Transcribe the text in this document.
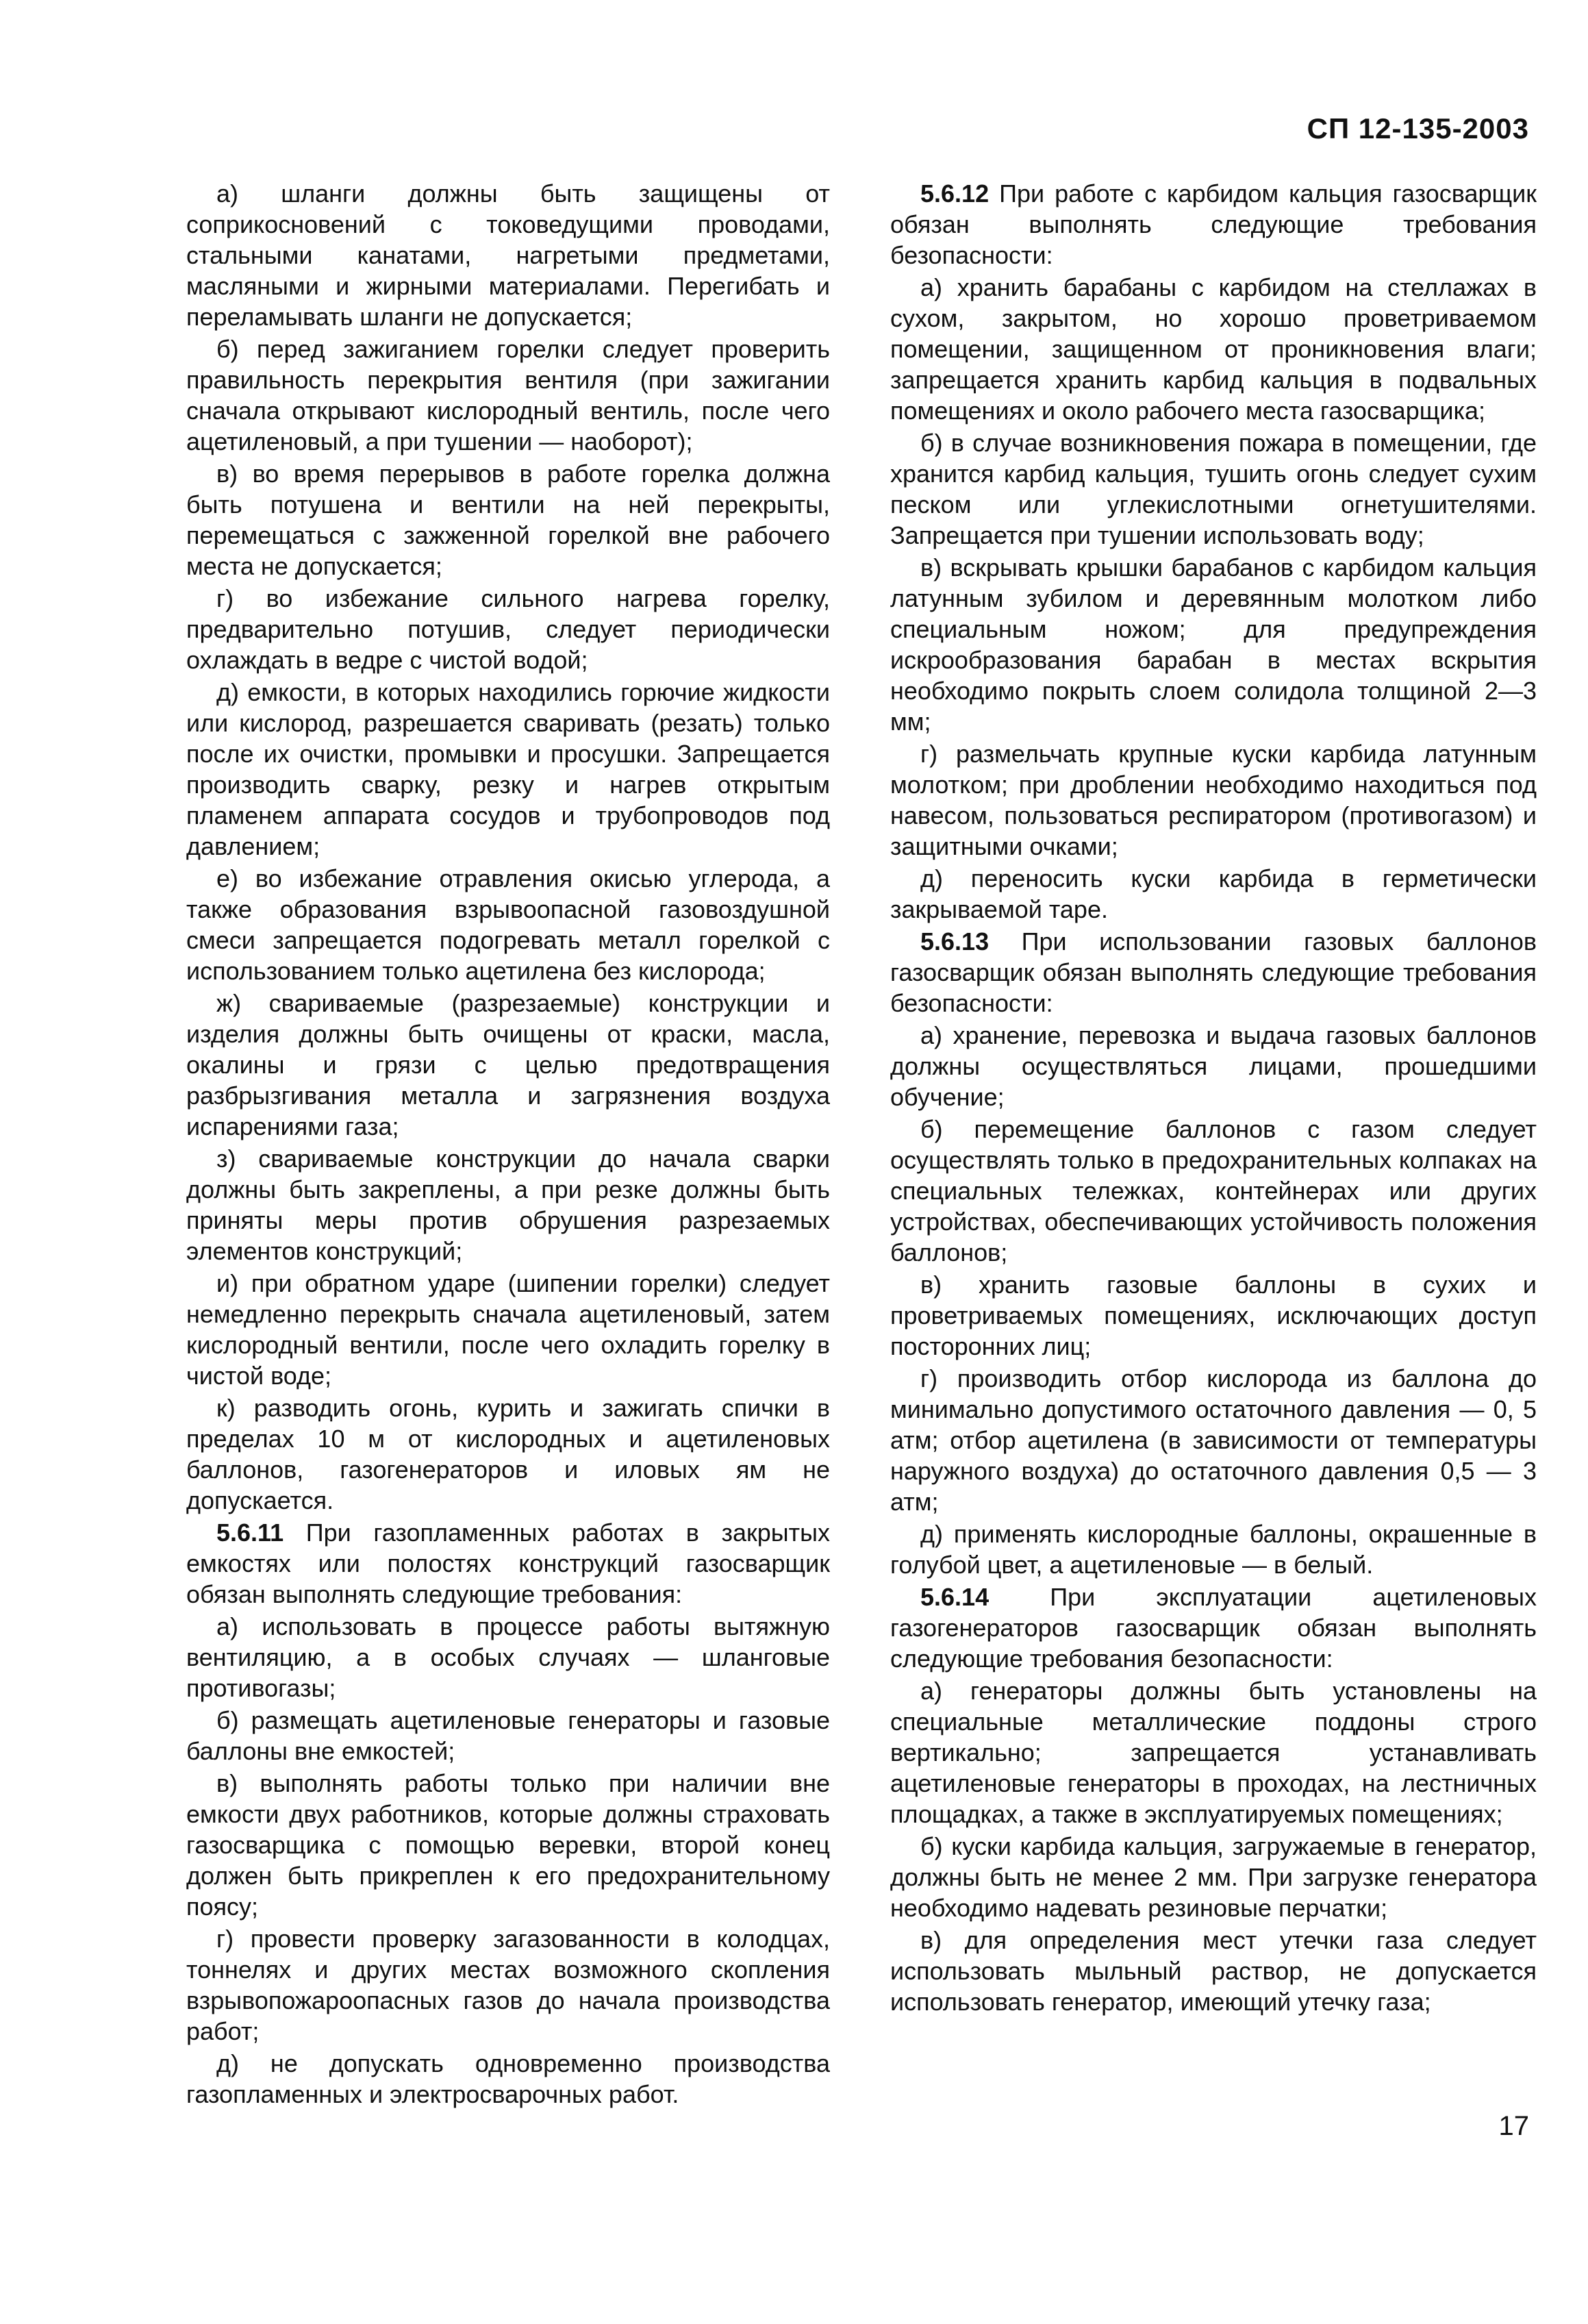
СП 12-135-2003

а) шланги должны быть защищены от соприкосновений с токоведущими проводами, стальными канатами, нагретыми предметами, масляными и жирными материалами. Перегибать и переламывать шланги не допускается;

б) перед зажиганием горелки следует проверить правильность перекрытия вентиля (при зажигании сначала открывают кислородный вентиль, после чего ацетиленовый, а при тушении — наоборот);

в) во время перерывов в работе горелка должна быть потушена и вентили на ней перекрыты, перемещаться с зажженной горелкой вне рабочего места не допускается;

г) во избежание сильного нагрева горелку, предварительно потушив, следует периодически охлаждать в ведре с чистой водой;

д) емкости, в которых находились горючие жидкости или кислород, разрешается сваривать (резать) только после их очистки, промывки и просушки. Запрещается производить сварку, резку и нагрев открытым пламенем аппарата сосудов и трубопроводов под давлением;

е) во избежание отравления окисью углерода, а также образования взрывоопасной газовоздушной смеси запрещается подогревать металл горелкой с использованием только ацетилена без кислорода;

ж) свариваемые (разрезаемые) конструкции и изделия должны быть очищены от краски, масла, окалины и грязи с целью предотвращения разбрызгивания металла и загрязнения воздуха испарениями газа;

з) свариваемые конструкции до начала сварки должны быть закреплены, а при резке должны быть приняты меры против обрушения разрезаемых элементов конструкций;

и) при обратном ударе (шипении горелки) следует немедленно перекрыть сначала ацетиленовый, затем кислородный вентили, после чего охладить горелку в чистой воде;

к) разводить огонь, курить и зажигать спички в пределах 10 м от кислородных и ацетиленовых баллонов, газогенераторов и иловых ям не допускается.

5.6.11 При газопламенных работах в закрытых емкостях или полостях конструкций газосварщик обязан выполнять следующие требования:

а) использовать в процессе работы вытяжную вентиляцию, а в особых случаях — шланговые противогазы;

б) размещать ацетиленовые генераторы и газовые баллоны вне емкостей;

в) выполнять работы только при наличии вне емкости двух работников, которые должны страховать газосварщика с помощью веревки, второй конец должен быть прикреплен к его предохранительному поясу;

г) провести проверку загазованности в колодцах, тоннелях и других местах возможного скопления взрывопожароопасных газов до начала производства работ;

д) не допускать одновременно производства газопламенных и электросварочных работ.

5.6.12 При работе с карбидом кальция газосварщик обязан выполнять следующие требования безопасности:

а) хранить барабаны с карбидом на стеллажах в сухом, закрытом, но хорошо проветриваемом помещении, защищенном от проникновения влаги; запрещается хранить карбид кальция в подвальных помещениях и около рабочего места газосварщика;

б) в случае возникновения пожара в помещении, где хранится карбид кальция, тушить огонь следует сухим песком или углекислотными огнетушителями. Запрещается при тушении использовать воду;

в) вскрывать крышки барабанов с карбидом кальция латунным зубилом и деревянным молотком либо специальным ножом; для предупреждения искрообразования барабан в местах вскрытия необходимо покрыть слоем солидола толщиной 2—3 мм;

г) размельчать крупные куски карбида латунным молотком; при дроблении необходимо находиться под навесом, пользоваться респиратором (противогазом) и защитными очками;

д) переносить куски карбида в герметически закрываемой таре.

5.6.13 При использовании газовых баллонов газосварщик обязан выполнять следующие требования безопасности:

а) хранение, перевозка и выдача газовых баллонов должны осуществляться лицами, прошедшими обучение;

б) перемещение баллонов с газом следует осуществлять только в предохранительных колпаках на специальных тележках, контейнерах или других устройствах, обеспечивающих устойчивость положения баллонов;

в) хранить газовые баллоны в сухих и проветриваемых помещениях, исключающих доступ посторонних лиц;

г) производить отбор кислорода из баллона до минимально допустимого остаточного давления — 0, 5 атм; отбор ацетилена (в зависимости от температуры наружного воздуха) до остаточного давления 0,5 — 3 атм;

д) применять кислородные баллоны, окрашенные в голубой цвет, а ацетиленовые — в белый.

5.6.14 При эксплуатации ацетиленовых газогенераторов газосварщик обязан выполнять следующие требования безопасности:

а) генераторы должны быть установлены на специальные металлические поддоны строго вертикально; запрещается устанавливать ацетиленовые генераторы в проходах, на лестничных площадках, а также в эксплуатируемых помещениях;

б) куски карбида кальция, загружаемые в генератор, должны быть не менее 2 мм. При загрузке генератора необходимо надевать резиновые перчатки;

в) для определения мест утечки газа следует использовать мыльный раствор, не допускается использовать генератор, имеющий утечку газа;

17
